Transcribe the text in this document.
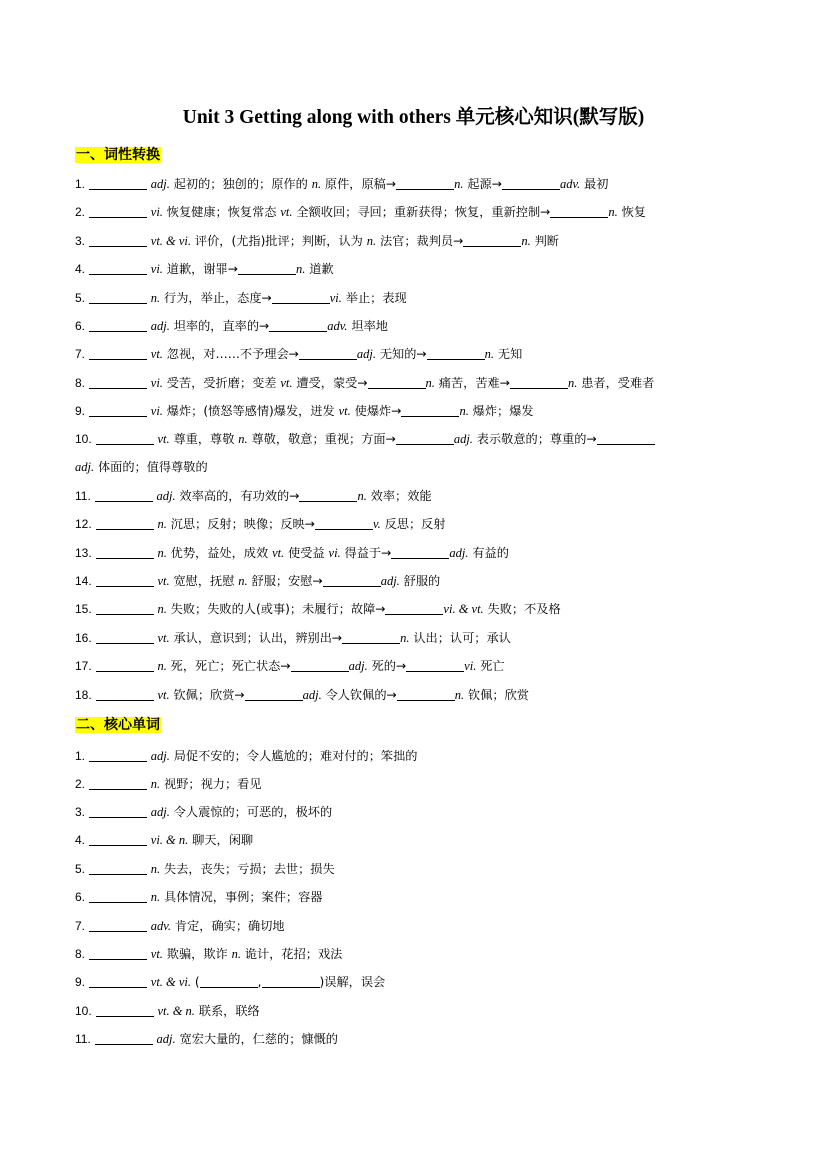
Unit 3 Getting along with others 单元核心知识(默写版)
一、词性转换
1.	adj. 起初的；独创的；原作的 n. 原件，原稿→	n. 起源→	adv. 最初
2.	vi. 恢复健康；恢复常态 vt. 全额收回；寻回；重新获得；恢复，重新控制→	n. 恢复
3.	vt. & vi. 评价，(尤指)批评；判断，认为 n. 法官；裁判员→	n. 判断
4.	vi. 道歉，谢罪→	n. 道歉
5.	n. 行为，举止，态度→	vi. 举止；表现
6.	adj. 坦率的，直率的→	adv. 坦率地
7.	vt. 忽视，对……不予理会→	adj. 无知的→	n. 无知
8.	vi. 受苦，受折磨；变差 vt. 遭受，蒙受→	n. 痛苦，苦难→	n. 患者，受难者
9.	vi. 爆炸；(愤怒等感情)爆发，迸发 vt. 使爆炸→	n. 爆炸；爆发
10.	vt. 尊重，尊敬 n. 尊敬，敬意；重视；方面→	adj. 表示敬意的；尊重的→
adj. 体面的；值得尊敬的
11.	adj. 效率高的，有功效的→	n. 效率；效能
12.	n. 沉思；反射；映像；反映→	v. 反思；反射
13.	n. 优势，益处，成效 vt. 使受益 vi. 得益于→	adj. 有益的
14.	vt. 宽慰，抚慰 n. 舒服；安慰→	adj. 舒服的
15.	n. 失败；失败的人(或事)；未履行；故障→	vi. & vt. 失败；不及格
16.	vt. 承认，意识到；认出，辨别出→	n. 认出；认可；承认
17.	n. 死，死亡；死亡状态→	adj. 死的→	vi. 死亡
18.	vt. 钦佩；欣赏→	adj. 令人钦佩的→	n. 钦佩；欣赏
二、核心单词
1.	adj. 局促不安的；令人尴尬的；难对付的；笨拙的
2.	n. 视野；视力；看见
3.	adj. 令人震惊的；可恶的，极坏的
4.	vi. & n. 聊天，闲聊
5.	n. 失去，丧失；亏损；去世；损失
6.	n. 具体情况，事例；案件；容器
7.	adv. 肯定，确实；确切地
8.	vt. 欺骗，欺诈 n. 诡计，花招；戏法
9.	vt. & vi. (	,	)误解，误会
10.	vt. & n. 联系，联络
11.	adj. 宽宏大量的，仁慈的；慷慨的
